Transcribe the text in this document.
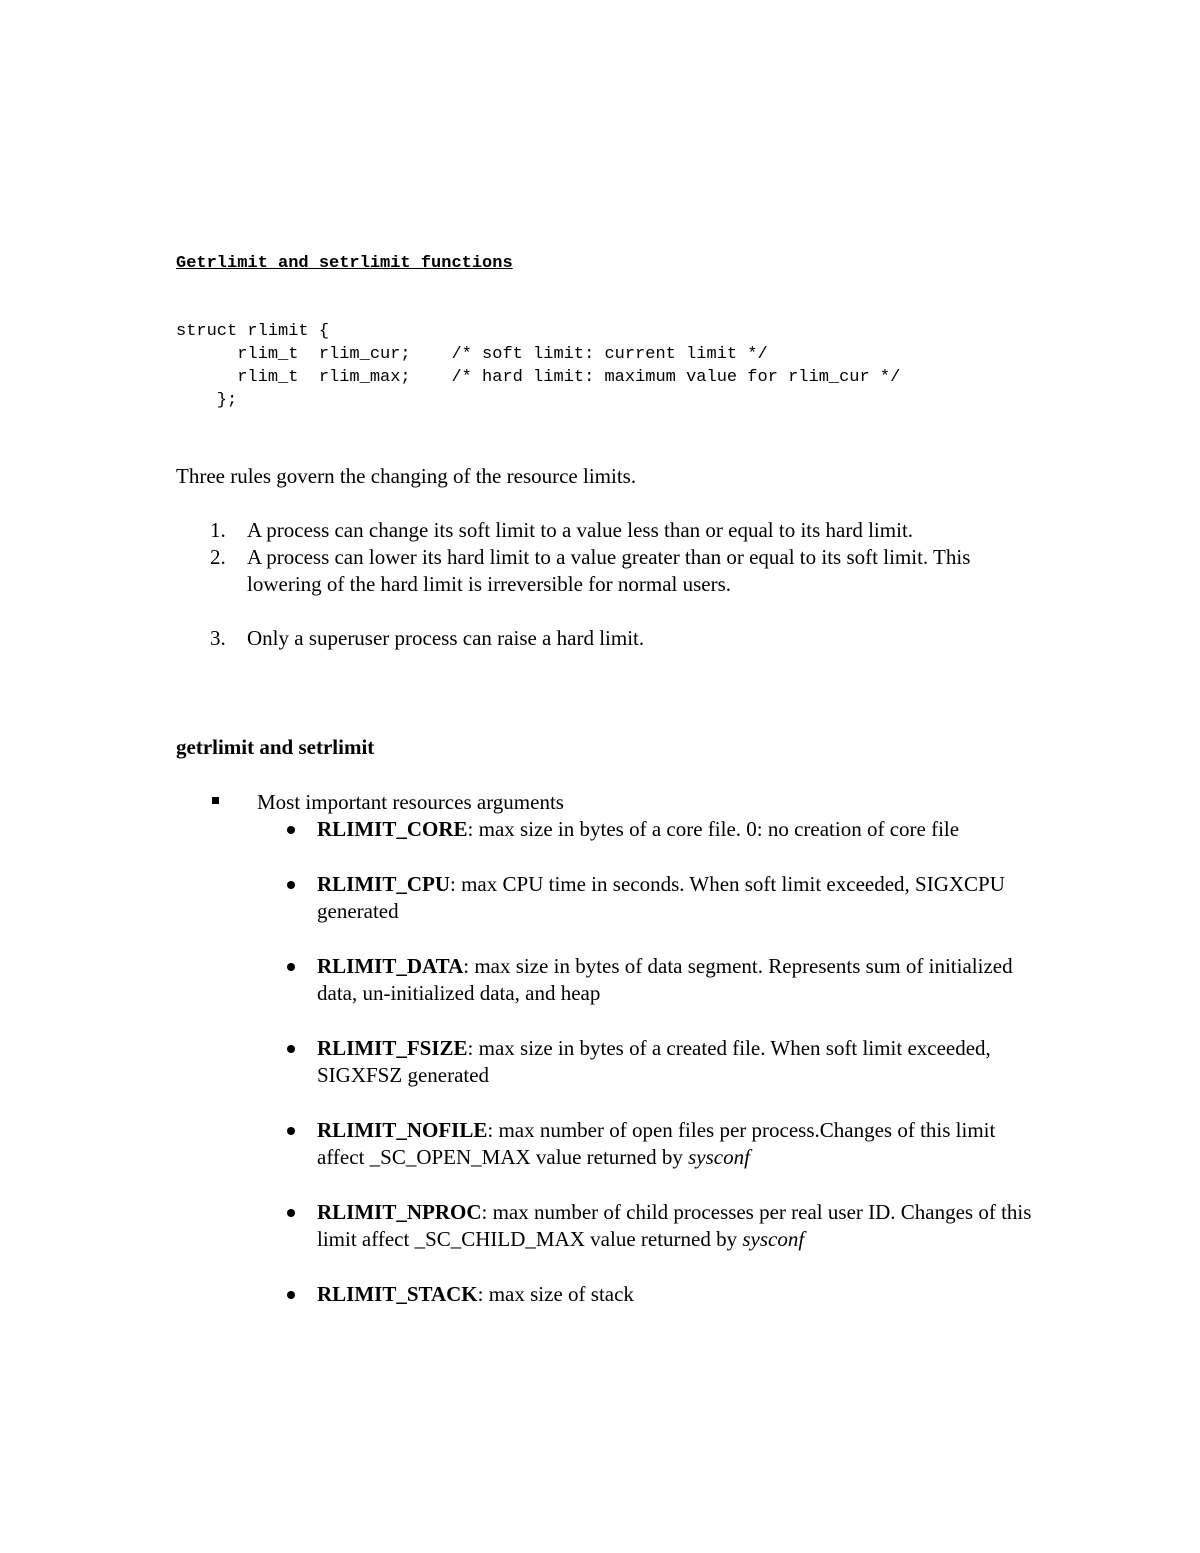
Getrlimit and setrlimit functions
struct rlimit {
rlim_t  rlim_cur;    /* soft limit: current limit */
rlim_t  rlim_max;    /* hard limit: maximum value for rlim_cur */
};
Three rules govern the changing of the resource limits.
1. A process can change its soft limit to a value less than or equal to its hard limit.
2. A process can lower its hard limit to a value greater than or equal to its soft limit. This lowering of the hard limit is irreversible for normal users.
3. Only a superuser process can raise a hard limit.
getrlimit and setrlimit
Most important resources arguments
RLIMIT_CORE: max size in bytes of a core file. 0: no creation of core file
RLIMIT_CPU: max CPU time in seconds. When soft limit exceeded, SIGXCPU generated
RLIMIT_DATA: max size in bytes of data segment. Represents sum of initialized data, un-initialized data, and heap
RLIMIT_FSIZE: max size in bytes of a created file. When soft limit exceeded, SIGXFSZ generated
RLIMIT_NOFILE: max number of open files per process.Changes of this limit affect _SC_OPEN_MAX value returned by sysconf
RLIMIT_NPROC: max number of child processes per real user ID. Changes of this limit affect _SC_CHILD_MAX value returned by sysconf
RLIMIT_STACK: max size of stack
